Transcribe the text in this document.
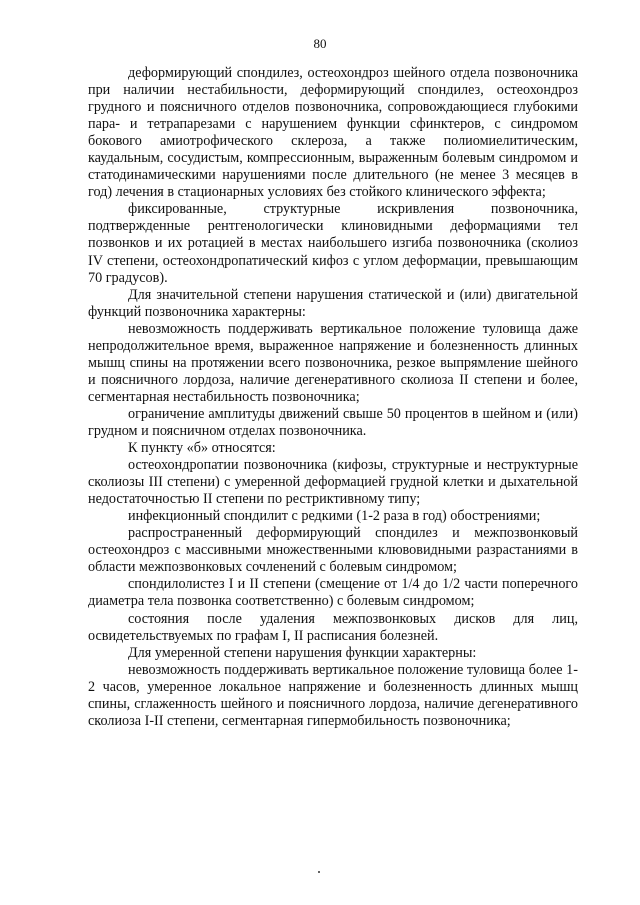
80

деформирующий спондилез, остеохондроз шейного отдела позвоночника при наличии нестабильности, деформирующий спондилез, остеохондроз грудного и поясничного отделов позвоночника, сопровождающиеся глубокими пара- и тетрапарезами с нарушением функции сфинктеров, с синдромом бокового амиотрофического склероза, а также полиомиелитическим, каудальным, сосудистым, компрессионным, выраженным болевым синдромом и статодинамическими нарушениями после длительного (не менее 3 месяцев в год) лечения в стационарных условиях без стойкого клинического эффекта;

фиксированные, структурные искривления позвоночника, подтвержденные рентгенологически клиновидными деформациями тел позвонков и их ротацией в местах наибольшего изгиба позвоночника (сколиоз IV степени, остеохондропатический кифоз с углом деформации, превышающим 70 градусов).

Для значительной степени нарушения статической и (или) двигательной функций позвоночника характерны:

невозможность поддерживать вертикальное положение туловища даже непродолжительное время, выраженное напряжение и болезненность длинных мышц спины на протяжении всего позвоночника, резкое выпрямление шейного и поясничного лордоза, наличие дегенеративного сколиоза II степени и более, сегментарная нестабильность позвоночника;

ограничение амплитуды движений свыше 50 процентов в шейном и (или) грудном и поясничном отделах позвоночника.

К пункту «б» относятся:

остеохондропатии позвоночника (кифозы, структурные и неструктурные сколиозы III степени) с умеренной деформацией грудной клетки и дыхательной недостаточностью II степени по рестриктивному типу;

инфекционный спондилит с редкими (1-2 раза в год) обострениями;

распространенный деформирующий спондилез и межпозвонковый остеохондроз с массивными множественными клювовидными разрастаниями в области межпозвонковых сочленений с болевым синдромом;

спондилолистез I и II степени (смещение от 1/4 до 1/2 части поперечного диаметра тела позвонка соответственно) с болевым синдромом;

состояния после удаления межпозвонковых дисков для лиц, освидетельствуемых по графам I, II расписания болезней.

Для умеренной степени нарушения функции характерны:

невозможность поддерживать вертикальное положение туловища более 1-2 часов, умеренное локальное напряжение и болезненность длинных мышц спины, сглаженность шейного и поясничного лордоза, наличие дегенеративного сколиоза I-II степени, сегментарная гипермобильность позвоночника;
